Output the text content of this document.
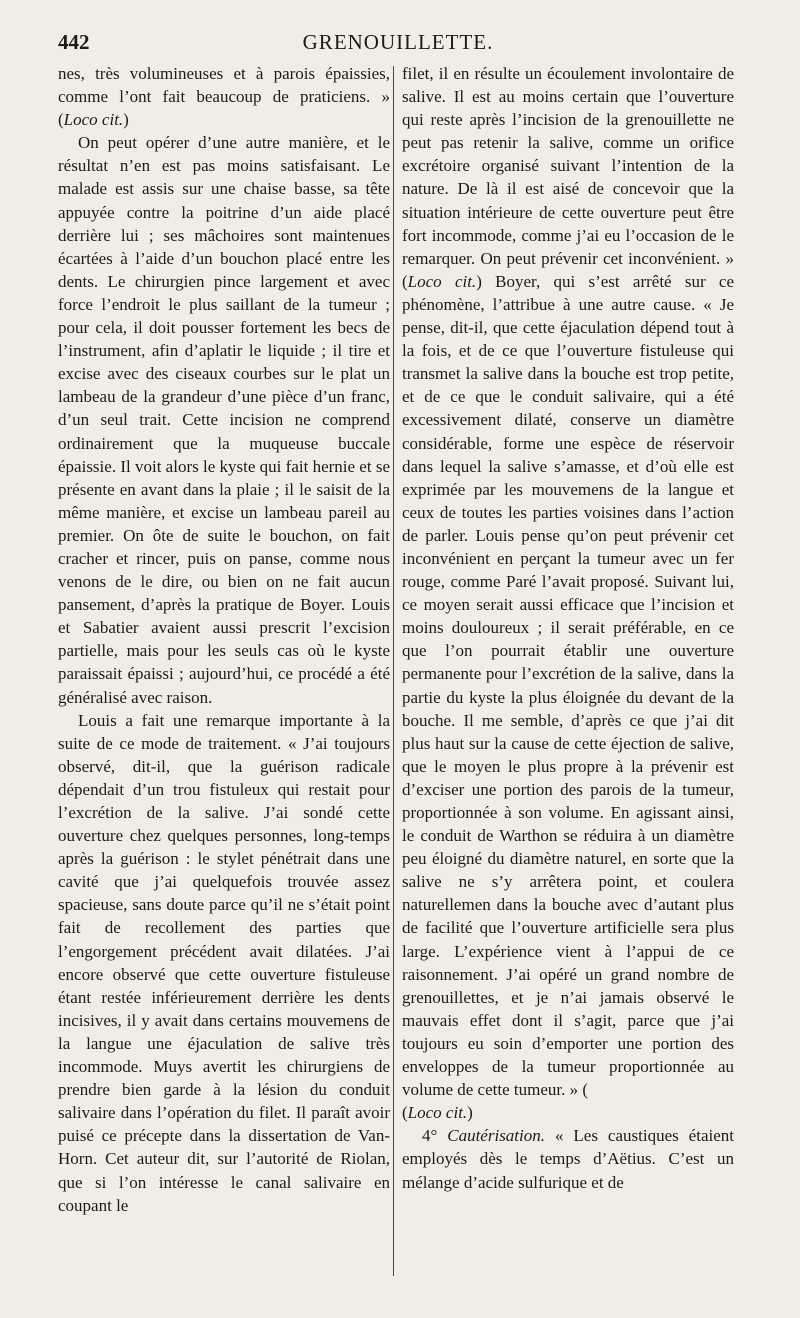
442	GRENOUILLETTE.

nes, très volumineuses et à parois épaissies, comme l’ont fait beaucoup de praticiens. » (Loco cit.)

On peut opérer d’une autre manière, et le résultat n’en est pas moins satisfaisant. Le malade est assis sur une chaise basse, sa tête appuyée contre la poitrine d’un aide placé derrière lui ; ses mâchoires sont maintenues écartées à l’aide d’un bouchon placé entre les dents. Le chirurgien pince largement et avec force l’endroit le plus saillant de la tumeur ; pour cela, il doit pousser fortement les becs de l’instrument, afin d’aplatir le liquide ; il tire et excise avec des ciseaux courbes sur le plat un lambeau de la grandeur d’une pièce d’un franc, d’un seul trait. Cette incision ne comprend ordinairement que la muqueuse buccale épaissie. Il voit alors le kyste qui fait hernie et se présente en avant dans la plaie ; il le saisit de la même manière, et excise un lambeau pareil au premier. On ôte de suite le bouchon, on fait cracher et rincer, puis on panse, comme nous venons de le dire, ou bien on ne fait aucun pansement, d’après la pratique de Boyer. Louis et Sabatier avaient aussi prescrit l’excision partielle, mais pour les seuls cas où le kyste paraissait épaissi ; aujourd’hui, ce procédé a été généralisé avec raison.

Louis a fait une remarque importante à la suite de ce mode de traitement. « J’ai toujours observé, dit-il, que la guérison radicale dépendait d’un trou fistuleux qui restait pour l’excrétion de la salive. J’ai sondé cette ouverture chez quelques personnes, long-temps après la guérison : le stylet pénétrait dans une cavité que j’ai quelquefois trouvée assez spacieuse, sans doute parce qu’il ne s’était point fait de recollement des parties que l’engorgement précédent avait dilatées. J’ai encore observé que cette ouverture fistuleuse étant restée inférieurement derrière les dents incisives, il y avait dans certains mouvemens de la langue une éjaculation de salive très incommode. Muys avertit les chirurgiens de prendre bien garde à la lésion du conduit salivaire dans l’opération du filet. Il paraît avoir puisé ce précepte dans la dissertation de Van-Horn. Cet auteur dit, sur l’autorité de Riolan, que si l’on intéresse le canal salivaire en coupant le

filet, il en résulte un écoulement involontaire de salive. Il est au moins certain que l’ouverture qui reste après l’incision de la grenouillette ne peut pas retenir la salive, comme un orifice excrétoire organisé suivant l’intention de la nature. De là il est aisé de concevoir que la situation intérieure de cette ouverture peut être fort incommode, comme j’ai eu l’occasion de le remarquer. On peut prévenir cet inconvénient. » (Loco cit.) Boyer, qui s’est arrêté sur ce phénomène, l’attribue à une autre cause. « Je pense, dit-il, que cette éjaculation dépend tout à la fois, et de ce que l’ouverture fistuleuse qui transmet la salive dans la bouche est trop petite, et de ce que le conduit salivaire, qui a été excessivement dilaté, conserve un diamètre considérable, forme une espèce de réservoir dans lequel la salive s’amasse, et d’où elle est exprimée par les mouvemens de la langue et ceux de toutes les parties voisines dans l’action de parler. Louis pense qu’on peut prévenir cet inconvénient en perçant la tumeur avec un fer rouge, comme Paré l’avait proposé. Suivant lui, ce moyen serait aussi efficace que l’incision et moins douloureux ; il serait préférable, en ce que l’on pourrait établir une ouverture permanente pour l’excrétion de la salive, dans la partie du kyste la plus éloignée du devant de la bouche. Il me semble, d’après ce que j’ai dit plus haut sur la cause de cette éjection de salive, que le moyen le plus propre à la prévenir est d’exciser une portion des parois de la tumeur, proportionnée à son volume. En agissant ainsi, le conduit de Warthon se réduira à un diamètre peu éloigné du diamètre naturel, en sorte que la salive ne s’y arrêtera point, et coulera naturellemen dans la bouche avec d’autant plus de facilité que l’ouverture artificielle sera plus large. L’expérience vient à l’appui de ce raisonnement. J’ai opéré un grand nombre de grenouillettes, et je n’ai jamais observé le mauvais effet dont il s’agit, parce que j’ai toujours eu soin d’emporter une portion des enveloppes de la tumeur proportionnée au volume de cette tumeur. » (

(Loco cit.)

4° Cautérisation. « Les caustiques étaient employés dès le temps d’Aëtius. C’est un mélange d’acide sulfurique et de
